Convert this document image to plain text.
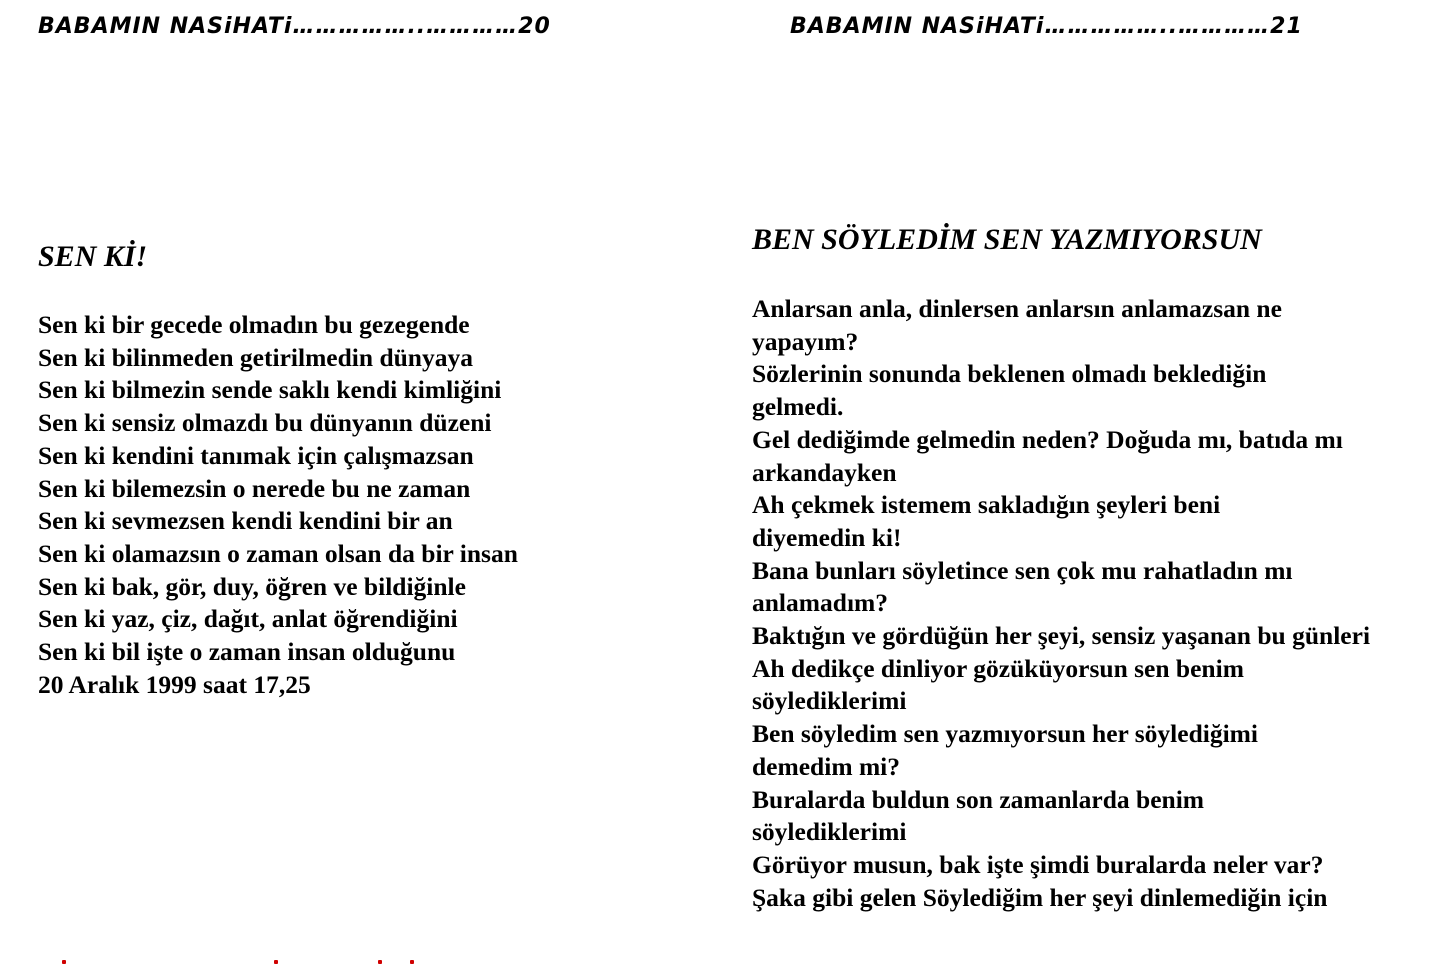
BABAMIN NASiHATi……………..…………20
SEN Kİ!
Sen ki bir gecede olmadın bu gezegende
Sen ki bilinmeden getirilmedin dünyaya
Sen ki bilmezin sende saklı kendi kimliğini
Sen ki sensiz olmazdı bu dünyanın düzeni
Sen ki kendini tanımak için çalışmazsan
Sen ki bilemezsin o nerede bu ne zaman
Sen ki sevmezsen kendi kendini bir an
Sen ki olamazsın o zaman olsan da bir insan
Sen ki bak, gör, duy, öğren ve bildiğinle
Sen ki yaz, çiz, dağıt, anlat öğrendiğini
Sen ki bil işte o zaman insan olduğunu
20 Aralık 1999 saat 17,25
BABAMIN NASiHATi……………..…………21
BEN SÖYLEDİM SEN YAZMIYORSUN
Anlarsan anla, dinlersen anlarsın anlamazsan ne yapayım?
Sözlerinin sonunda beklenen olmadı beklediğin gelmedi.
Gel dediğimde gelmedin neden? Doğuda mı, batıda mı arkandayken
Ah çekmek istemem sakladığın şeyleri beni diyemedin ki!
Bana bunları söyletince sen çok mu rahatladın mı anlamadım?
Baktığın ve gördüğün her şeyi, sensiz yaşanan bu günleri
Ah dedikçe dinliyor gözüküyorsun sen benim söylediklerimi
Ben söyledim sen yazmıyorsun her söylediğimi demedim mi?
Buralarda buldun son zamanlarda benim söylediklerimi
Görüyor musun, bak işte şimdi buralarda neler var?
Şaka gibi gelen Söylediğim her şeyi dinlemediğin için
